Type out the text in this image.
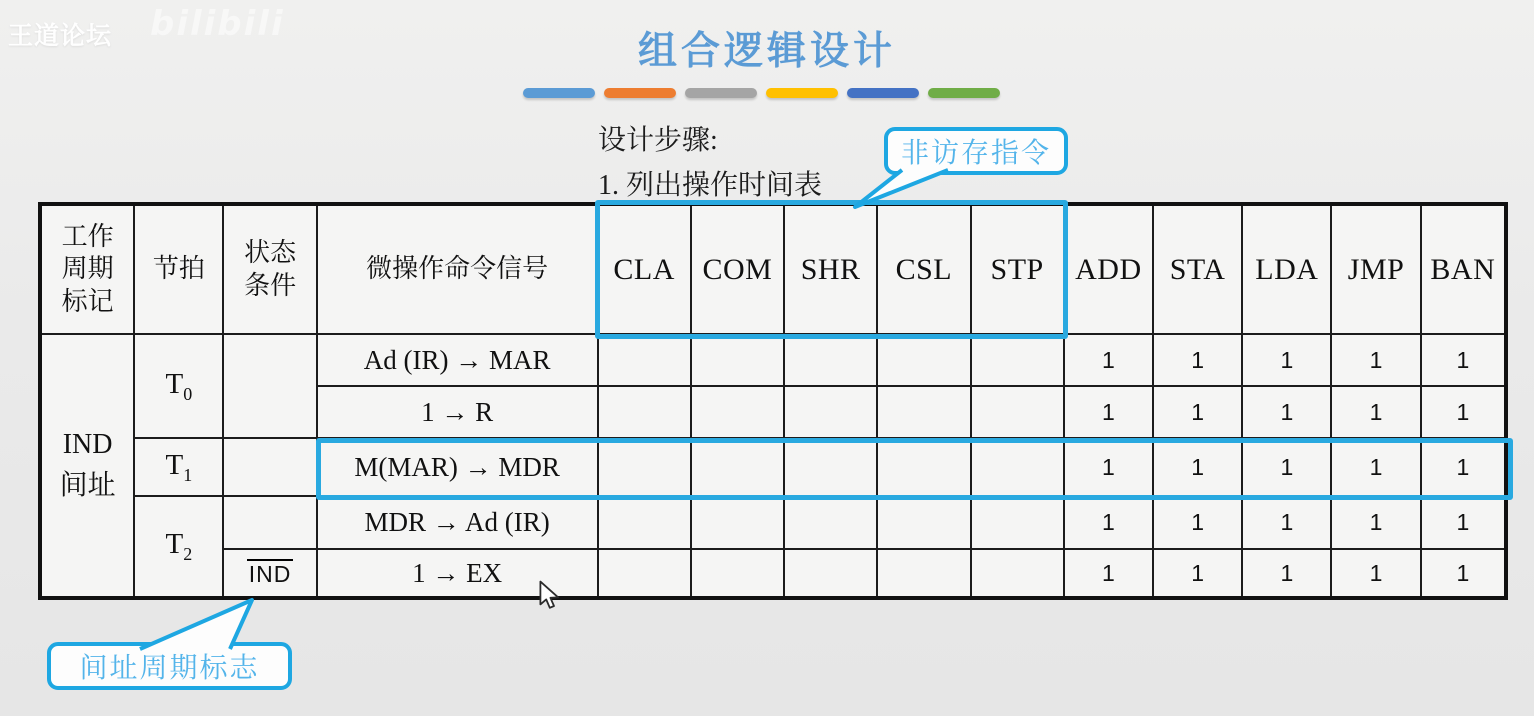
王道论坛 bilibili
组合逻辑设计
设计步骤:
1. 列出操作时间表
工作
周期
标记	节拍	状态
条件	微操作命令信号	CLA	COM	SHR	CSL	STP	ADD	STA	LDA	JMP	BAN

IND
间址	$T_0$		Ad (IR) → MAR						1	1	1	1	1
			1 → R						1	1	1	1	1
	$T_1$		M(MAR) → MDR						1	1	1	1	1
	$T_2$		MDR → Ad (IR)						1	1	1	1	1
		IND	1 → EX						1	1	1	1	1
非访存指令
间址周期标志
